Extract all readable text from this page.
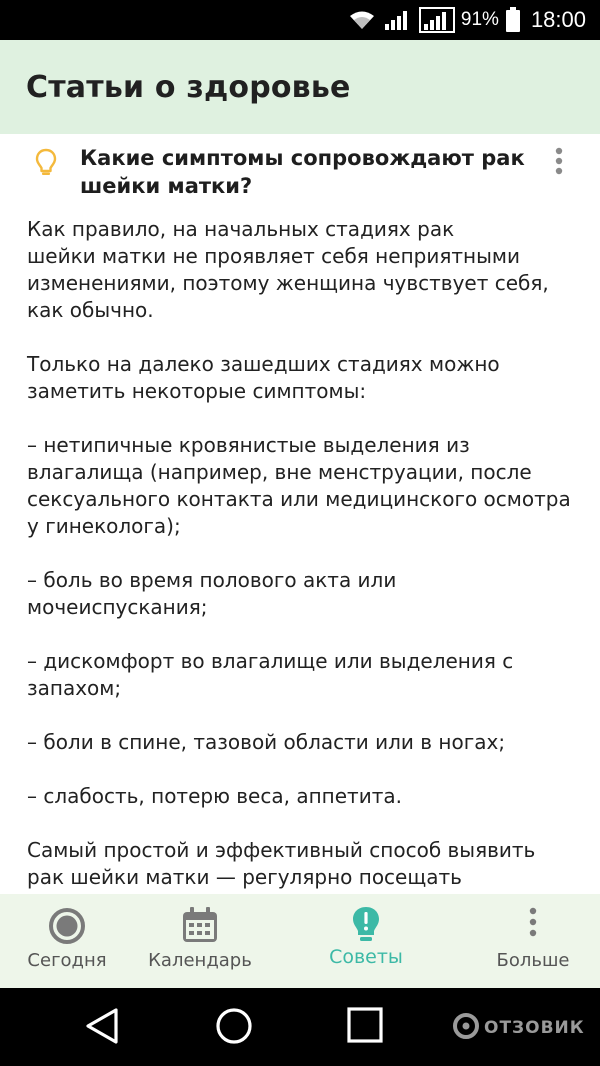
91% 18:00
Статьи о здоровье
Какие симптомы сопровождают рак шейки матки?

Как правило, на начальных стадиях рак
шейки матки не проявляет себя неприятными изменениями, поэтому женщина чувствует себя, как обычно.

Только на далеко зашедших стадиях можно заметить некоторые симптомы:

– нетипичные кровянистые выделения из влагалища (например, вне менструации, после сексуального контакта или медицинского осмотра у гинеколога);

– боль во время полового акта или мочеиспускания;

– дискомфорт во влагалище или выделения с запахом;

– боли в спине, тазовой области или в ногах;

– слабость, потерю веса, аппетита.

Самый простой и эффективный способ выявить рак шейки матки — регулярно посещать

Сегодня	Календарь	Советы	Больше
ОТЗОВИК
